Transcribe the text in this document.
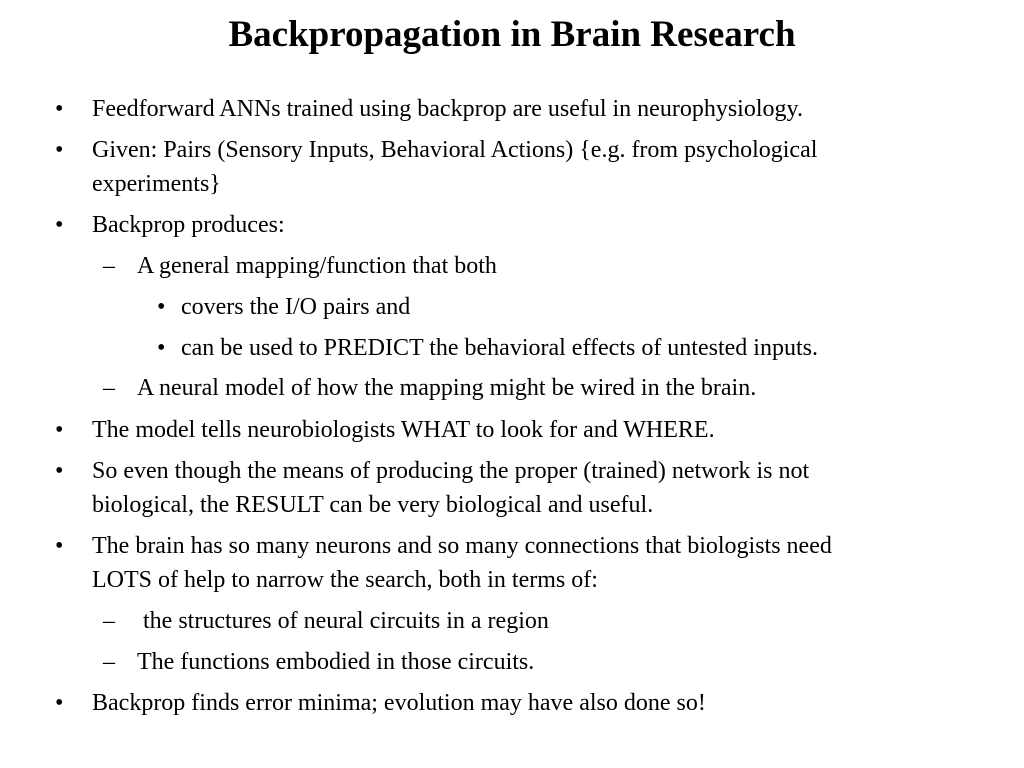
Backpropagation in Brain Research
• Feedforward ANNs trained using backprop are useful in neurophysiology.
• Given: Pairs (Sensory Inputs, Behavioral Actions) {e.g. from psychological
experiments}
• Backprop produces:
– A general mapping/function that both
• covers the I/O pairs and
• can be used to PREDICT the behavioral effects of untested inputs.
– A neural model of how the mapping might be wired in the brain.
• The model tells neurobiologists WHAT to look for and WHERE.
• So even though the means of producing the proper (trained) network is not
biological, the RESULT can be very biological and useful.
• The brain has so many neurons and so many connections that biologists need
LOTS of help to narrow the search, both in terms of:
– the structures of neural circuits in a region
– The functions embodied in those circuits.
• Backprop finds error minima; evolution may have also done so!
